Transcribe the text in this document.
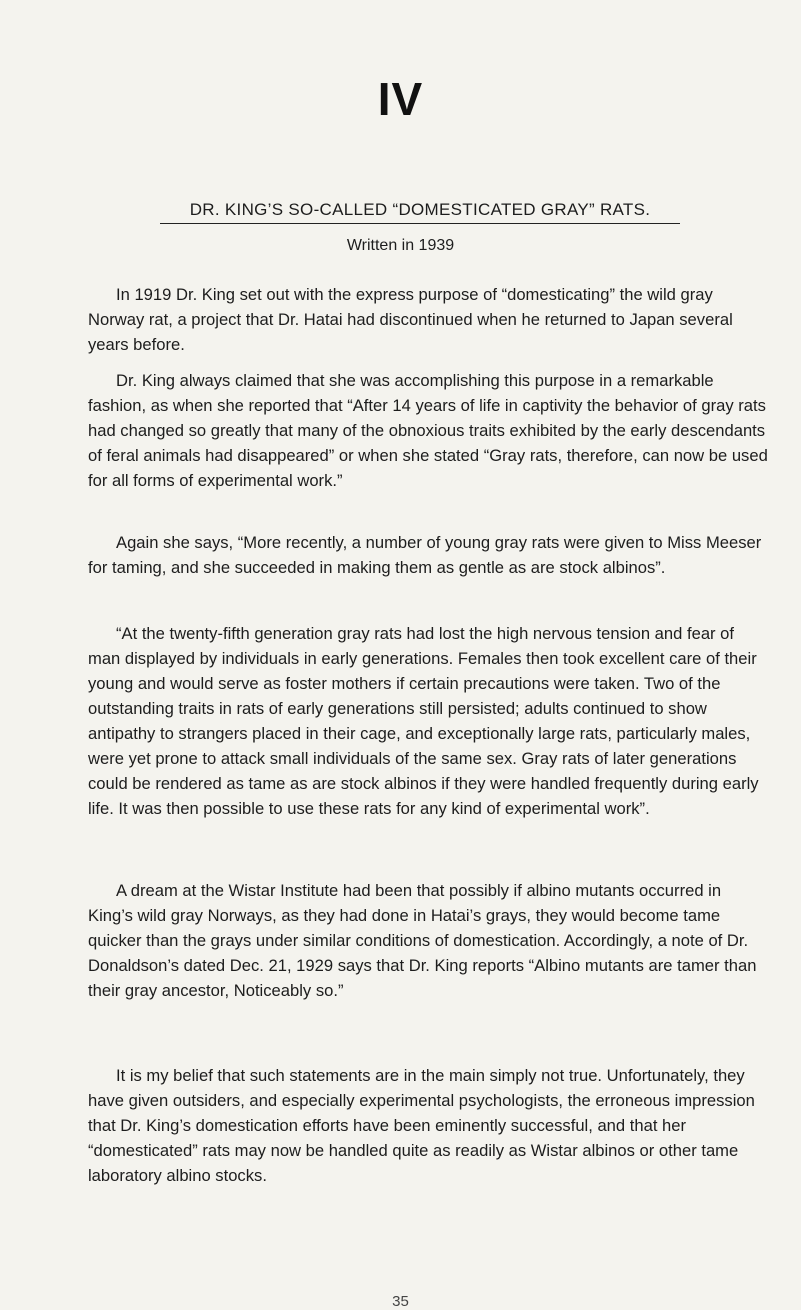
IV
DR. KING’S SO-CALLED “DOMESTICATED GRAY” RATS.
Written in 1939

In 1919 Dr. King set out with the express purpose of “domesticating” the wild gray Norway rat, a project that Dr. Hatai had discontinued when he returned to Japan several years before.

Dr. King always claimed that she was accomplishing this purpose in a remarkable fashion, as when she reported that “After 14 years of life in captivity the behavior of gray rats had changed so greatly that many of the obnoxious traits exhibited by the early descendants of feral animals had disappeared” or when she stated “Gray rats, therefore, can now be used for all forms of experimental work.”

Again she says, “More recently, a number of young gray rats were given to Miss Meeser for taming, and she succeeded in making them as gentle as are stock albinos”.

“At the twenty-fifth generation gray rats had lost the high nervous tension and fear of man displayed by individuals in early generations. Females then took excellent care of their young and would serve as foster mothers if certain precautions were taken. Two of the outstanding traits in rats of early generations still persisted; adults continued to show antipathy to strangers placed in their cage, and exceptionally large rats, particularly males, were yet prone to attack small individuals of the same sex. Gray rats of later generations could be rendered as tame as are stock albinos if they were handled frequently during early life. It was then possible to use these rats for any kind of experimental work”.

A dream at the Wistar Institute had been that possibly if albino mutants occurred in King’s wild gray Norways, as they had done in Hatai’s grays, they would become tame quicker than the grays under similar conditions of domestication. Accordingly, a note of Dr. Donaldson’s dated Dec. 21, 1929 says that Dr. King reports “Albino mutants are tamer than their gray ancestor, Noticeably so.”

It is my belief that such statements are in the main simply not true. Unfortunately, they have given outsiders, and especially experimental psychologists, the erroneous impression that Dr. King’s domestication efforts have been eminently successful, and that her “domesticated” rats may now be handled quite as readily as Wistar albinos or other tame laboratory albino stocks.

35
